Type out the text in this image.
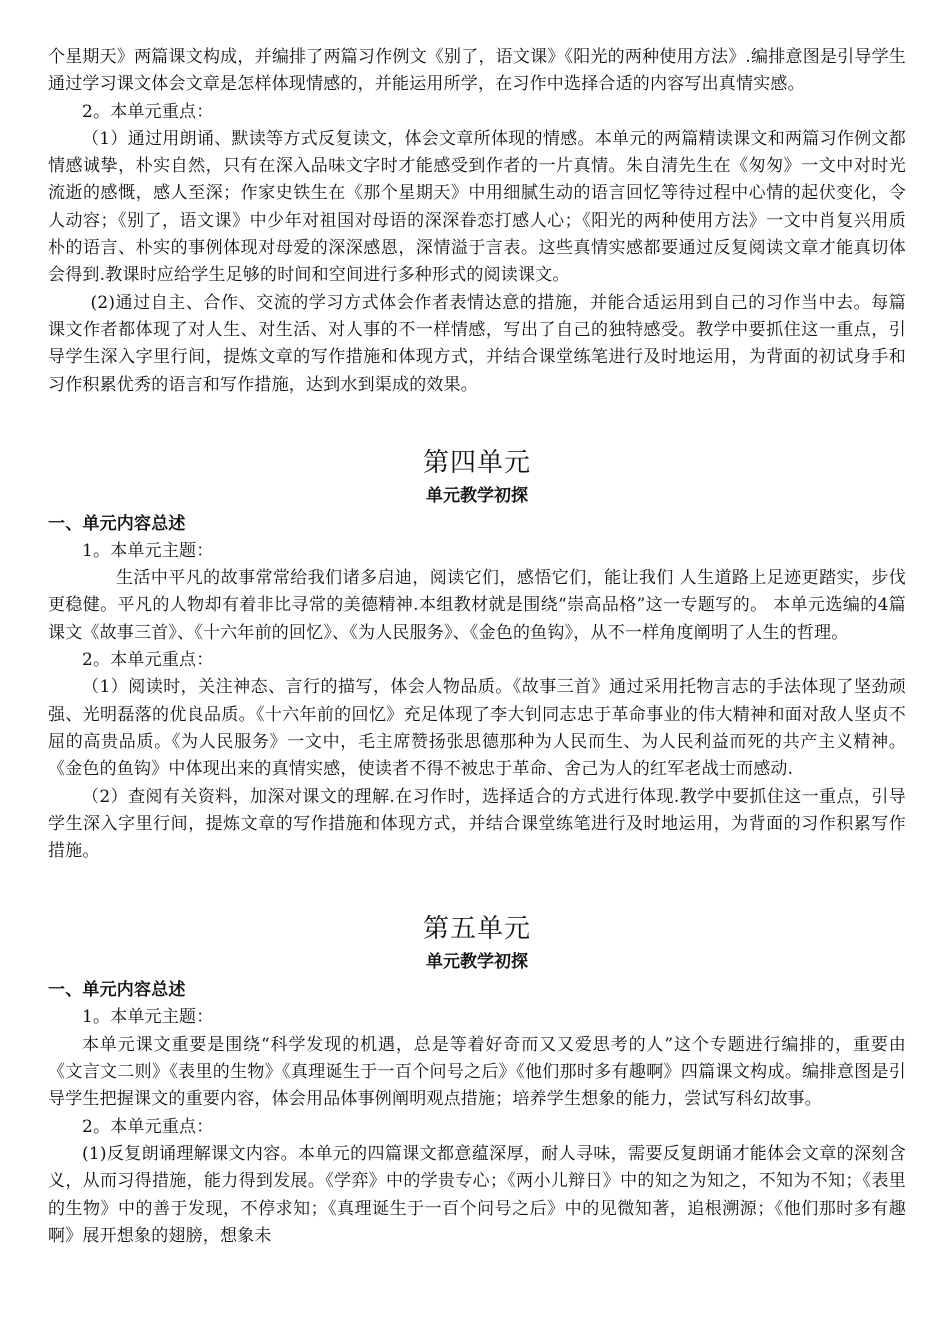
个星期天》两篇课文构成，并编排了两篇习作例文《别了，语文课》《阳光的两种使用方法》.编排意图是引导学生通过学习课文体会文章是怎样体现情感的，并能运用所学，在习作中选择合适的内容写出真情实感。

2。本单元重点：

（1）通过用朗诵、默读等方式反复读文，体会文章所体现的情感。本单元的两篇精读课文和两篇习作例文都情感诚挚，朴实自然，只有在深入品味文字时才能感受到作者的一片真情。朱自清先生在《匆匆》一文中对时光流逝的感慨，感人至深；作家史铁生在《那个星期天》中用细腻生动的语言回忆等待过程中心情的起伏变化，令人动容；《别了，语文课》中少年对祖国对母语的深深眷恋打感人心；《阳光的两种使用方法》一文中肖复兴用质朴的语言、朴实的事例体现对母爱的深深感恩，深情溢于言表。这些真情实感都要通过反复阅读文章才能真切体会得到.教课时应给学生足够的时间和空间进行多种形式的阅读课文。

(2)通过自主、合作、交流的学习方式体会作者表情达意的措施，并能合适运用到自己的习作当中去。每篇课文作者都体现了对人生、对生活、对人事的不一样情感，写出了自己的独特感受。教学中要抓住这一重点，引导学生深入字里行间，提炼文章的写作措施和体现方式，并结合课堂练笔进行及时地运用，为背面的初试身手和习作积累优秀的语言和写作措施，达到水到渠成的效果。

第四单元
单元教学初探

一、单元内容总述

1。本单元主题：

生活中平凡的故事常常给我们诸多启迪，阅读它们，感悟它们，能让我们 人生道路上足迹更踏实，步伐更稳健。平凡的人物却有着非比寻常的美德精神.本组教材就是围绕“崇高品格”这一专题写的。 本单元选编的4篇课文《故事三首》、《十六年前的回忆》、《为人民服务》、《金色的鱼钩》，从不一样角度阐明了人生的哲理。

2。本单元重点：

（1）阅读时，关注神态、言行的描写，体会人物品质。《故事三首》通过采用托物言志的手法体现了坚劲顽强、光明磊落的优良品质。《十六年前的回忆》充足体现了李大钊同志忠于革命事业的伟大精神和面对敌人坚贞不屈的高贵品质。《为人民服务》一文中，毛主席赞扬张思德那种为人民而生、为人民利益而死的共产主义精神。《金色的鱼钩》中体现出来的真情实感，使读者不得不被忠于革命、舍己为人的红军老战士而感动.

（2）查阅有关资料，加深对课文的理解.在习作时，选择适合的方式进行体现.教学中要抓住这一重点，引导学生深入字里行间，提炼文章的写作措施和体现方式，并结合课堂练笔进行及时地运用，为背面的习作积累写作措施。

第五单元
单元教学初探

一、单元内容总述

1。本单元主题：

本单元课文重要是围绕“科学发现的机遇，总是等着好奇而又又爱思考的人”这个专题进行编排的，重要由《文言文二则》《表里的生物》《真理诞生于一百个问号之后》《他们那时多有趣啊》四篇课文构成。编排意图是引导学生把握课文的重要内容，体会用品体事例阐明观点措施；培养学生想象的能力，尝试写科幻故事。

2。本单元重点：

(1)反复朗诵理解课文内容。本单元的四篇课文都意蕴深厚，耐人寻味，需要反复朗诵才能体会文章的深刻含义，从而习得措施，能力得到发展。《学弈》中的学贵专心；《两小儿辩日》中的知之为知之，不知为不知；《表里的生物》中的善于发现，不停求知；《真理诞生于一百个问号之后》中的见微知著，追根溯源；《他们那时多有趣啊》展开想象的翅膀，想象未
